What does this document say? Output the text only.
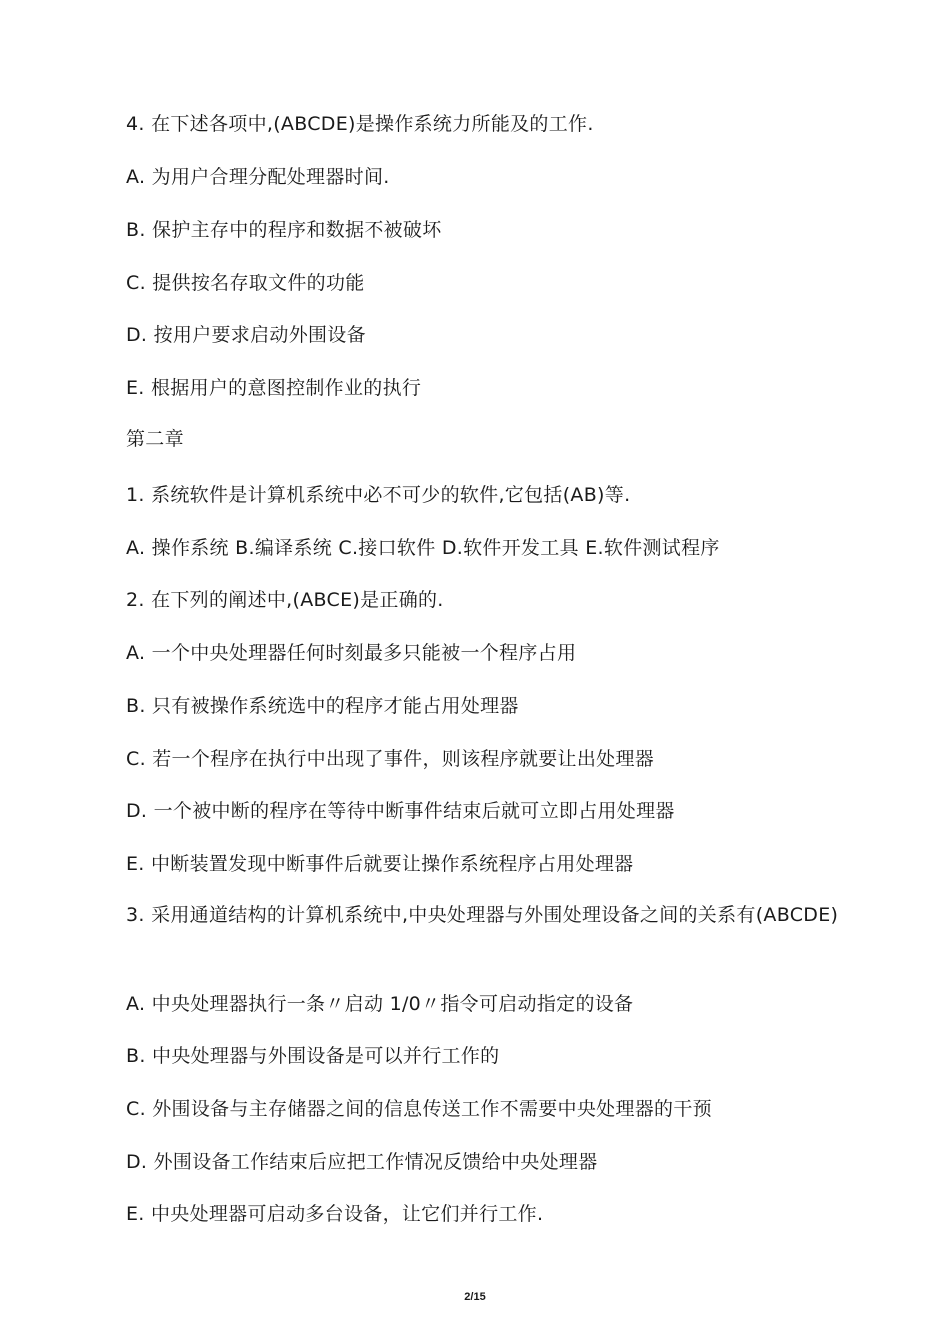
4. 在下述各项中,(ABCDE)是操作系统力所能及的工作.
A. 为用户合理分配处理器时间.
B. 保护主存中的程序和数据不被破坏
C. 提供按名存取文件的功能
D. 按用户要求启动外围设备
E. 根据用户的意图控制作业的执行
第二章
1. 系统软件是计算机系统中必不可少的软件,它包括(AB)等.
A. 操作系统 B.编译系统 C.接口软件 D.软件开发工具 E.软件测试程序
2. 在下列的阐述中,(ABCE)是正确的.
A. 一个中央处理器任何时刻最多只能被一个程序占用
B. 只有被操作系统选中的程序才能占用处理器
C. 若一个程序在执行中出现了事件，则该程序就要让出处理器
D. 一个被中断的程序在等待中断事件结束后就可立即占用处理器
E. 中断装置发现中断事件后就要让操作系统程序占用处理器
3. 采用通道结构的计算机系统中,中央处理器与外围处理设备之间的关系有(ABCDE)
A. 中央处理器执行一条〃启动 1/0〃指令可启动指定的设备
B. 中央处理器与外围设备是可以并行工作的
C. 外围设备与主存储器之间的信息传送工作不需要中央处理器的干预
D. 外围设备工作结束后应把工作情况反馈给中央处理器
E. 中央处理器可启动多台设备，让它们并行工作.
2/15
